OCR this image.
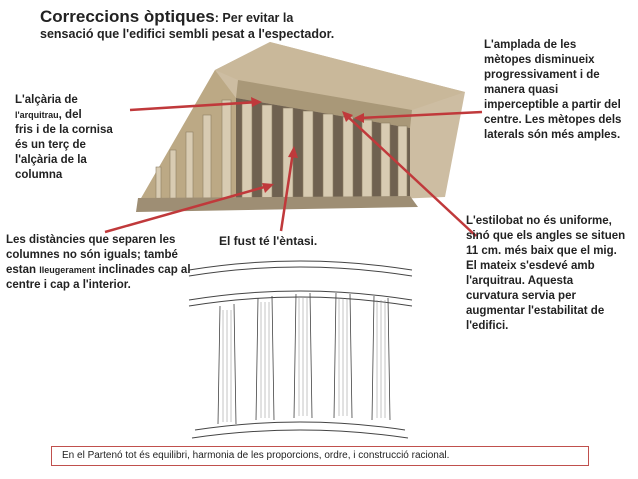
Correccions òptiques: Per evitar la
sensació que l'edifici sembli pesat a l'espectador.
L'alçària de
l'arquitrau, del
fris i de la cornisa és un terç de l'alçària de la columna
L'amplada de les mètopes disminueix progressivament i de manera quasi imperceptible a partir del centre. Les mètopes dels laterals són més amples.
Les distàncies que separen les columnes no són iguals; també estan lleugerament inclinades cap al centre i cap a l'interior.
El fust té l'èntasi.
L'estilobat no és uniforme, sinó que els angles se situen 11 cm. més baix que el mig. El mateix s'esdevé amb l'arquitrau. Aquesta curvatura servia per augmentar l'estabilitat de l'edifici.
En el Partenó tot és equilibri, harmonia de les proporcions, ordre, i construcció racional.
